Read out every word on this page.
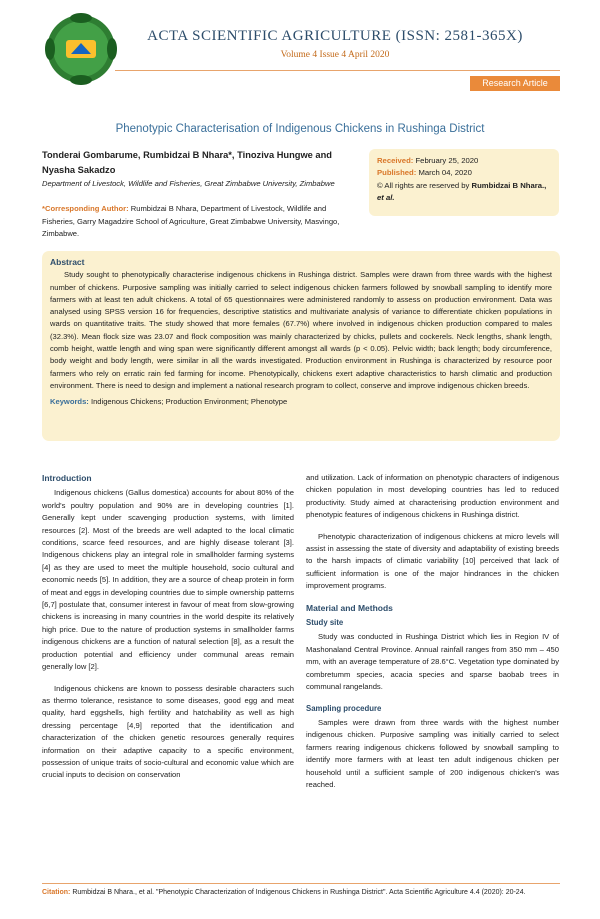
ACTA SCIENTIFIC AGRICULTURE (ISSN: 2581-365X)
Volume 4 Issue 4 April 2020
Research Article
Phenotypic Characterisation of Indigenous Chickens in Rushinga District
Tonderai Gombarume, Rumbidzai B Nhara*, Tinoziva Hungwe and Nyasha Sakadzo
Department of Livestock, Wildlife and Fisheries, Great Zimbabwe University, Zimbabwe
*Corresponding Author: Rumbidzai B Nhara, Department of Livestock, Wildlife and Fisheries, Garry Magadzire School of Agriculture, Great Zimbabwe University, Masvingo, Zimbabwe.
Received: February 25, 2020
Published: March 04, 2020
© All rights are reserved by Rumbidzai B Nhara., et al.
Abstract

Study sought to phenotypically characterise indigenous chickens in Rushinga district. Samples were drawn from three wards with the highest number of chickens. Purposive sampling was initially carried to select indigenous chicken farmers followed by snowball sampling to identify more farmers with at least ten adult chickens. A total of 65 questionnaires were administered randomly to assess on production environment. Data was analysed using SPSS version 16 for frequencies, descriptive statistics and multivariate analysis of variance to differentiate chicken populations in wards on quantitative traits. The study showed that more females (67.7%) where involved in indigenous chicken production compared to males (32.3%). Mean flock size was 23.07 and flock composition was mainly characterized by chicks, pullets and cockerels. Neck lengths, shank length, comb height, wattle length and wing span were significantly different amongst all wards (p < 0.05). Pelvic width; back length; body circumference, body weight and body length, were similar in all the wards investigated. Production environment in Rushinga is characterized by resource poor farmers who rely on erratic rain fed farming for income. Phenotypically, chickens exert adaptive characteristics to harsh climatic and production environment. There is need to design and implement a national research program to collect, conserve and improve indigenous chicken breeds.

Keywords: Indigenous Chickens; Production Environment; Phenotype
Introduction

Indigenous chickens (Gallus domestica) accounts for about 80% of the world's poultry population and 90% are in developing countries [1]. Generally kept under scavenging production systems, with limited resources [2]. Most of the breeds are well adapted to the local climatic conditions, scarce feed resources, and are highly disease tolerant [3]. Indigenous chickens play an integral role in smallholder farming systems [4] as they are used to meet the multiple household, socio cultural and economic needs [5]. In addition, they are a source of cheap protein in form of meat and eggs in developing countries due to simple ownership patterns [6,7] postulate that, consumer interest in favour of meat from slow-growing chickens is increasing in many countries in the world despite its relatively high price. Due to the nature of production systems in smallholder farms indigenous chickens are a function of natural selection [8], as a result the production potential and efficiency under communal areas remain generally low [2].

Indigenous chickens are known to possess desirable characters such as thermo tolerance, resistance to some diseases, good egg and meat quality, hard eggshells, high fertility and hatchability as well as high dressing percentage [4,9] reported that the identification and characterization of the chicken genetic resources generally requires information on their adaptive capacity to a specific environment, possession of unique traits of socio-cultural and economic value which are crucial inputs to decision on conservation

and utilization. Lack of information on phenotypic characters of indigenous chicken population in most developing countries has led to reduced productivity. Study aimed at characterising production environment and phenotypic features of indigenous chickens in Rushinga district.

Phenotypic characterization of indigenous chickens at micro levels will assist in assessing the state of diversity and adaptability of existing breeds to the harsh impacts of climatic variability [10] perceived that lack of sufficient information is one of the major hindrances in the chicken improvement programs.

Material and Methods
Study site

Study was conducted in Rushinga District which lies in Region IV of Mashonaland Central Province. Annual rainfall ranges from 350 mm – 450 mm, with an average temperature of 28.6°C. Vegetation type dominated by combretumm species, acacia species and sparse baobab trees in communal rangelands.

Sampling procedure

Samples were drawn from three wards with the highest number indigenous chicken. Purposive sampling was initially carried to select farmers rearing indigenous chickens followed by snowball sampling to identify more farmers with at least ten adult indigenous chicken per household until a sufficient sample of 200 indigenous chicken's was reached.

Citation: Rumbidzai B Nhara., et al. "Phenotypic Characterization of Indigenous Chickens in Rushinga District". Acta Scientific Agriculture 4.4 (2020): 20-24.
